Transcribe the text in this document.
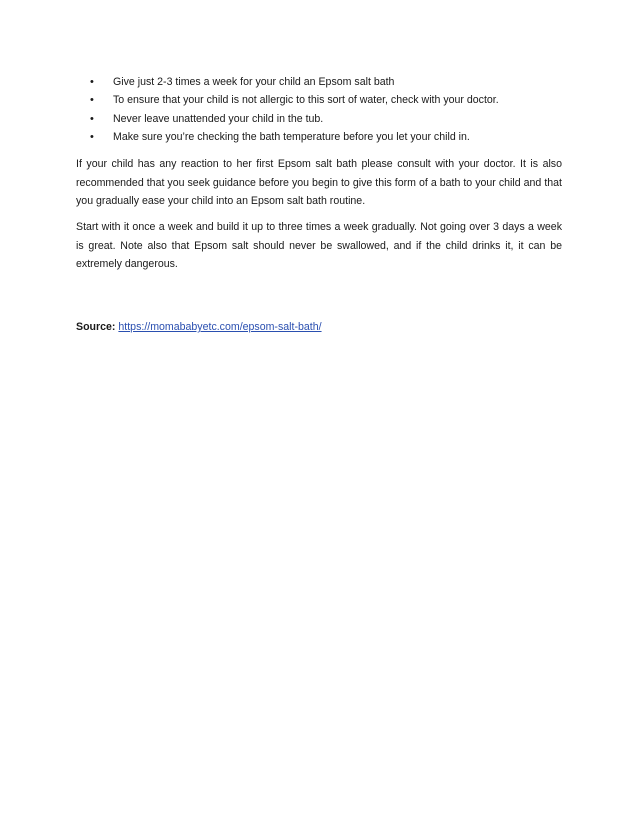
• Give just 2-3 times a week for your child an Epsom salt bath
• To ensure that your child is not allergic to this sort of water, check with your doctor.
• Never leave unattended your child in the tub.
• Make sure you’re checking the bath temperature before you let your child in.

If your child has any reaction to her first Epsom salt bath please consult with your doctor. It is also recommended that you seek guidance before you begin to give this form of a bath to your child and that you gradually ease your child into an Epsom salt bath routine.

Start with it once a week and build it up to three times a week gradually. Not going over 3 days a week is great. Note also that Epsom salt should never be swallowed, and if the child drinks it, it can be extremely dangerous.

Source: https://momababyetc.com/epsom-salt-bath/
